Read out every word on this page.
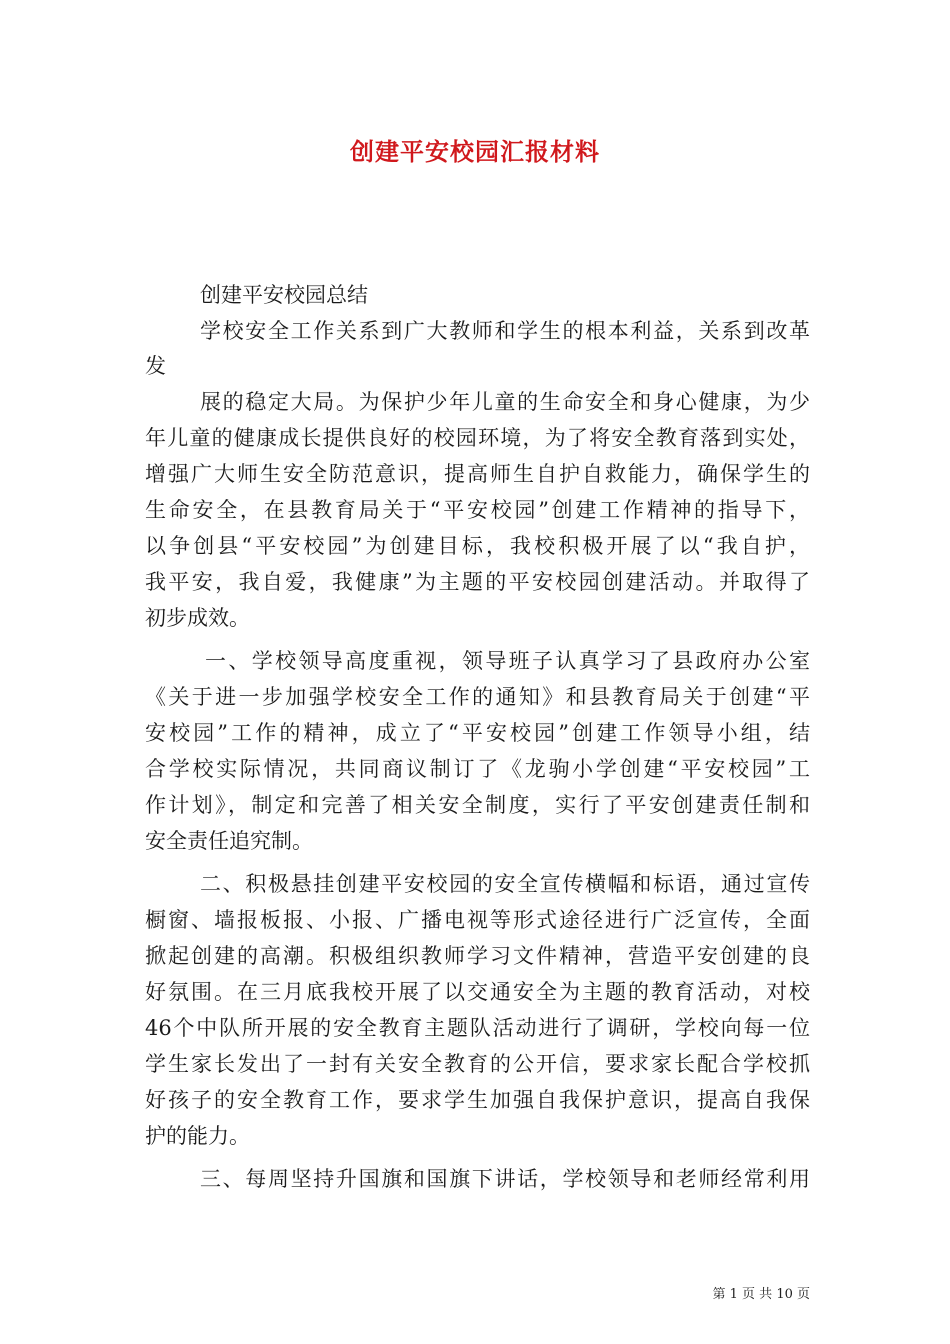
创建平安校园汇报材料
创建平安校园总结
学校安全工作关系到广大教师和学生的根本利益，关系到改革
发
展的稳定大局。为保护少年儿童的生命安全和身心健康，为少
年儿童的健康成长提供良好的校园环境，为了将安全教育落到实处，
增强广大师生安全防范意识，提高师生自护自救能力，确保学生的
生命安全，在县教育局关于“平安校园”创建工作精神的指导下，
以争创县“平安校园”为创建目标，我校积极开展了以“我自护，
我平安，我自爱，我健康”为主题的平安校园创建活动。并取得了
初步成效。
一、学校领导高度重视，领导班子认真学习了县政府办公室
《关于进一步加强学校安全工作的通知》和县教育局关于创建“平
安校园”工作的精神，成立了“平安校园”创建工作领导小组，结
合学校实际情况，共同商议制订了《龙驹小学创建“平安校园”工
作计划》，制定和完善了相关安全制度，实行了平安创建责任制和
安全责任追究制。
二、积极悬挂创建平安校园的安全宣传横幅和标语，通过宣传
橱窗、墙报板报、小报、广播电视等形式途径进行广泛宣传，全面
掀起创建的高潮。积极组织教师学习文件精神，营造平安创建的良
好氛围。在三月底我校开展了以交通安全为主题的教育活动，对校
46个中队所开展的安全教育主题队活动进行了调研，学校向每一位
学生家长发出了一封有关安全教育的公开信，要求家长配合学校抓
好孩子的安全教育工作，要求学生加强自我保护意识，提高自我保
护的能力。
三、每周坚持升国旗和国旗下讲话，学校领导和老师经常利用
第 1 页 共 10 页
